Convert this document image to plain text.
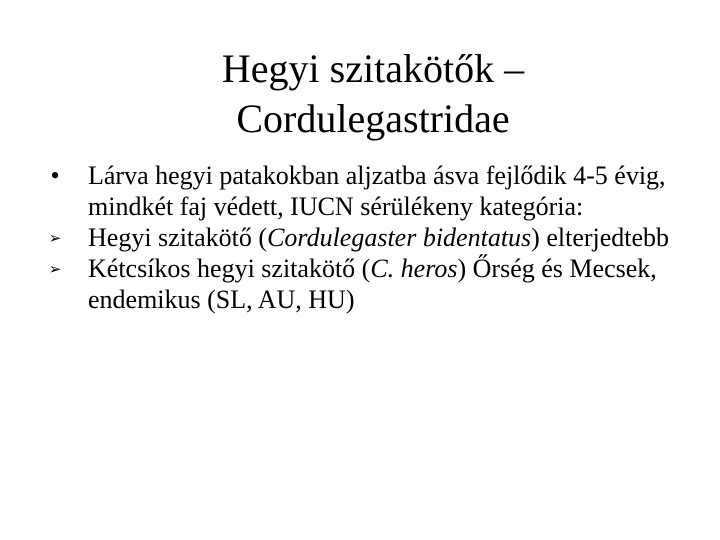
Hegyi szitakötők –
Cordulegastridae

•	Lárva hegyi patakokban aljzatba ásva fejlődik 4-5 évig, mindkét faj védett, IUCN sérülékeny kategória:

➢	Hegyi szitakötő (Cordulegaster bidentatus) elterjedtebb

➢	Kétcsíkos hegyi szitakötő (C. heros) Őrség és Mecsek, endemikus (SL, AU, HU)
